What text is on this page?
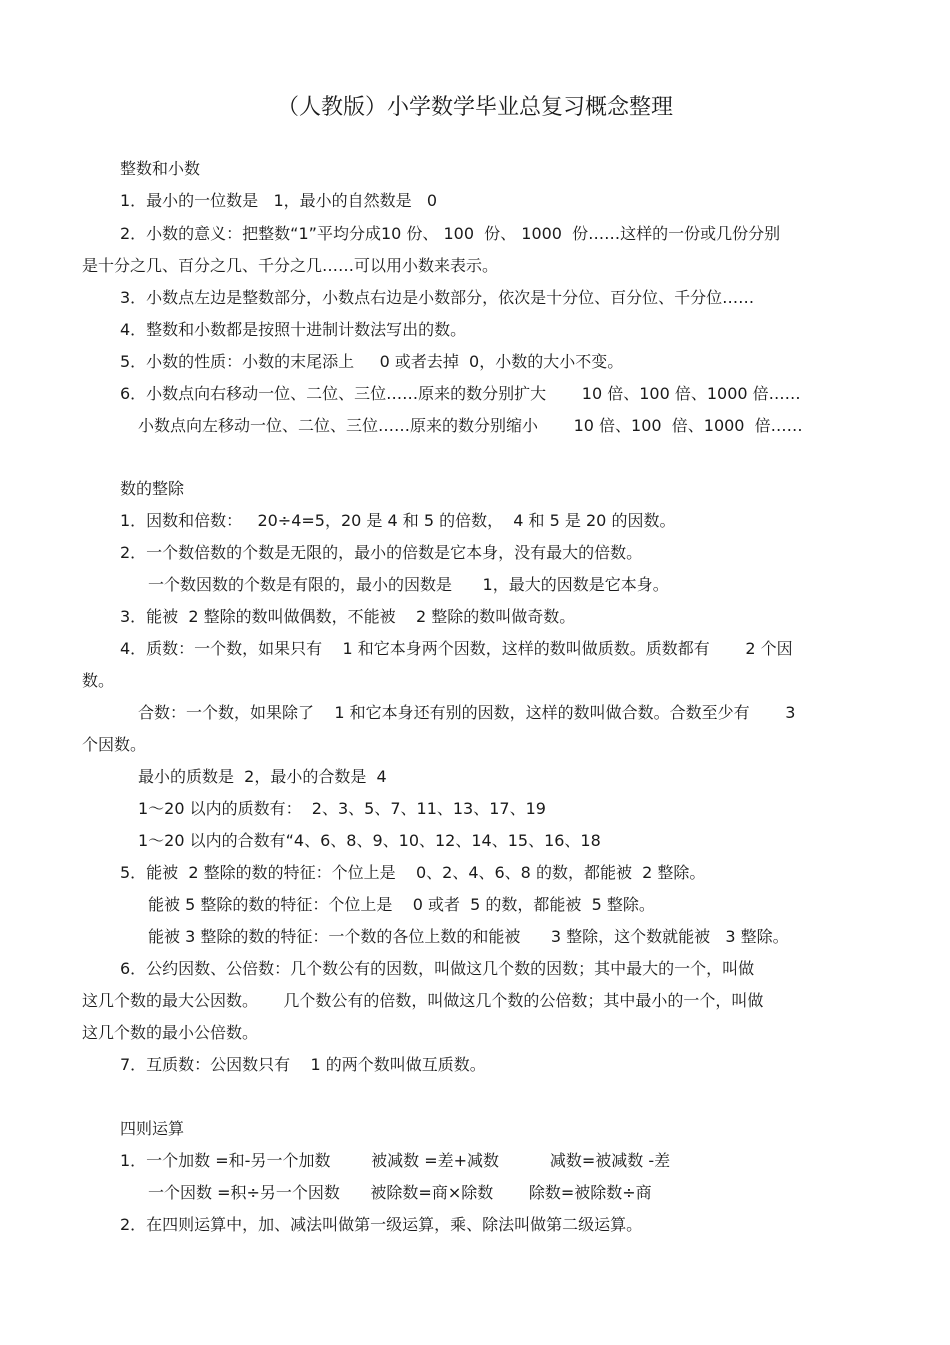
（人教版）小学数学毕业总复习概念整理
整数和小数
1．最小的一位数是   1，最小的自然数是   0
2．小数的意义：把整数“1”平均分成10 份、 100  份、 1000  份……这样的一份或几份分别
是十分之几、百分之几、千分之几……可以用小数来表示。
3．小数点左边是整数部分，小数点右边是小数部分，依次是十分位、百分位、千分位……
4．整数和小数都是按照十进制计数法写出的数。
5．小数的性质：小数的末尾添上     0 或者去掉  0，小数的大小不变。
6．小数点向右移动一位、二位、三位……原来的数分别扩大       10 倍、100 倍、1000 倍……
小数点向左移动一位、二位、三位……原来的数分别缩小       10 倍、100  倍、1000  倍……
数的整除
1．因数和倍数：   20÷4=5，20 是 4 和 5 的倍数，  4 和 5 是 20 的因数。
2．一个数倍数的个数是无限的，最小的倍数是它本身，没有最大的倍数。
一个数因数的个数是有限的，最小的因数是      1，最大的因数是它本身。
3．能被  2 整除的数叫做偶数，不能被    2 整除的数叫做奇数。
4．质数：一个数，如果只有    1 和它本身两个因数，这样的数叫做质数。质数都有       2 个因
数。
合数：一个数，如果除了    1 和它本身还有别的因数，这样的数叫做合数。合数至少有       3
个因数。
最小的质数是  2，最小的合数是  4
1～20 以内的质数有：  2、3、5、7、11、13、17、19
1～20 以内的合数有“4、6、8、9、10、12、14、15、16、18
5．能被  2 整除的数的特征：个位上是    0、2、4、6、8 的数，都能被  2 整除。
能被 5 整除的数的特征：个位上是    0 或者  5 的数，都能被  5 整除。
能被 3 整除的数的特征：一个数的各位上数的和能被      3 整除，这个数就能被   3 整除。
6．公约因数、公倍数：几个数公有的因数，叫做这几个数的因数；其中最大的一个，叫做
这几个数的最大公因数。     几个数公有的倍数，叫做这几个数的公倍数；其中最小的一个，叫做
这几个数的最小公倍数。
7．互质数：公因数只有    1 的两个数叫做互质数。
四则运算
1．一个加数 =和-另一个加数        被减数 =差+减数          减数=被减数 -差
一个因数 =积÷另一个因数      被除数=商×除数       除数=被除数÷商
2．在四则运算中，加、减法叫做第一级运算，乘、除法叫做第二级运算。
